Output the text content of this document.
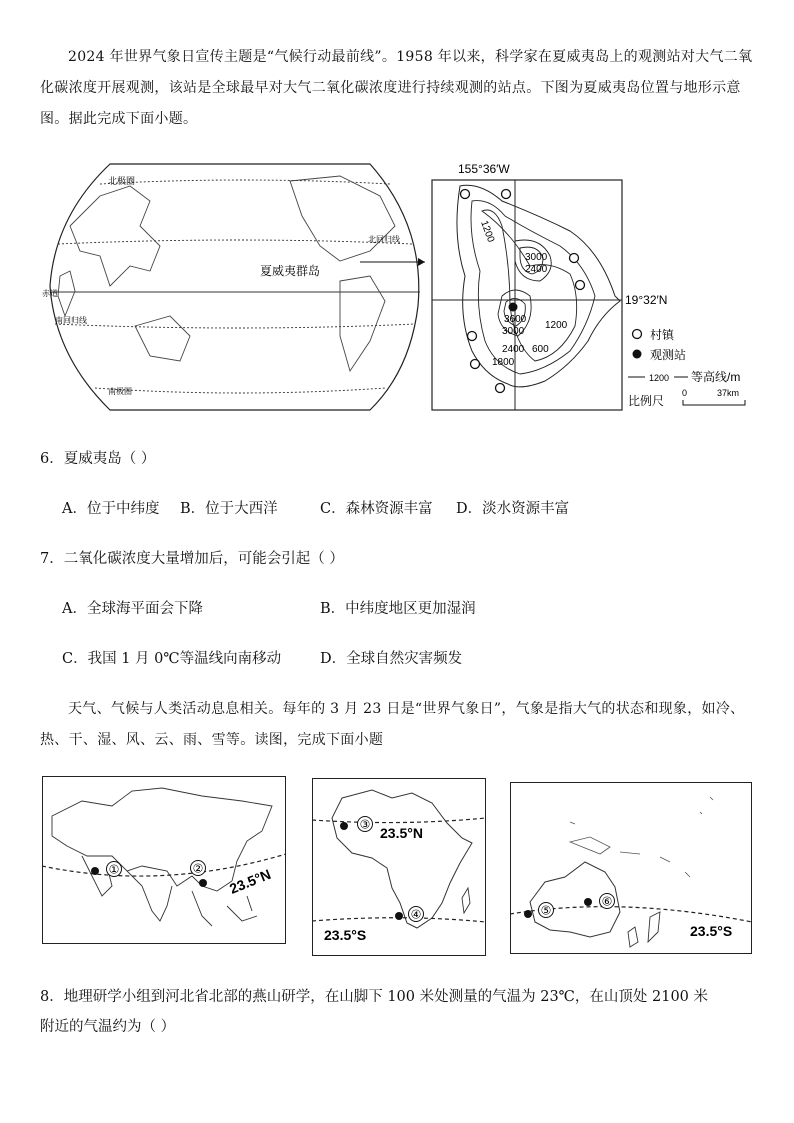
2024 年世界气象日宣传主题是“气候行动最前线”。1958 年以来，科学家在夏威夷岛上的观测站对大气二氧化碳浓度开展观测，该站是全球最早对大气二氧化碳浓度进行持续观测的站点。下图为夏威夷岛位置与地形示意图。据此完成下面小题。
北极圈
北回归线
赤道
南回归线
南极圈
夏威夷群岛
155°36′W
19°32′N
1200
3000
2400
3600
3000
1200
2400
1800
600
村镇
观测站
1200 等高线/m
比例尺
0	37km
6．夏威夷岛（ ）
A．位于中纬度 B．位于大西洋	C．森林资源丰富 D．淡水资源丰富
7．二氧化碳浓度大量增加后，可能会引起（ ）
A．全球海平面会下降	B．中纬度地区更加湿润
C．我国 1 月 0℃等温线向南移动	D．全球自然灾害频发
天气、气候与人类活动息息相关。每年的 3 月 23 日是“世界气象日”，气象是指大气的状态和现象，如冷、热、干、湿、风、云、雨、雪等。读图，完成下面小题
①	② 23.5°N
③
23.5°N
④
23.5°S
⑤
⑥
23.5°S
8．地理研学小组到河北省北部的燕山研学，在山脚下 100 米处测量的气温为 23℃，在山顶处 2100 米
附近的气温约为（ ）
